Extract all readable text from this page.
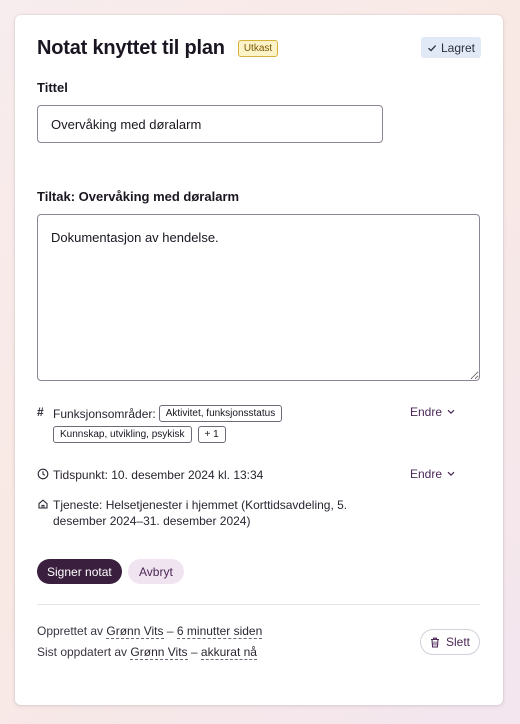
Notat knyttet til plan	Utkast	Lagret
Tittel
Overvåking med døralarm
Tiltak: Overvåking med døralarm
Dokumentasjon av hendelse.
# Funksjonsområder:	Aktivitet, funksjonsstatus
Kunnskap, utvikling, psykisk	+ 1
Endre
Tidspunkt: 10. desember 2024 kl. 13:34	Endre
Tjeneste: Helsetjenester i hjemmet (Korttidsavdeling, 5.
desember 2024–31. desember 2024)
Signer notat	Avbryt
Opprettet av Grønn Vits – 6 minutter siden
Sist oppdatert av Grønn Vits – akkurat nå
Slett
